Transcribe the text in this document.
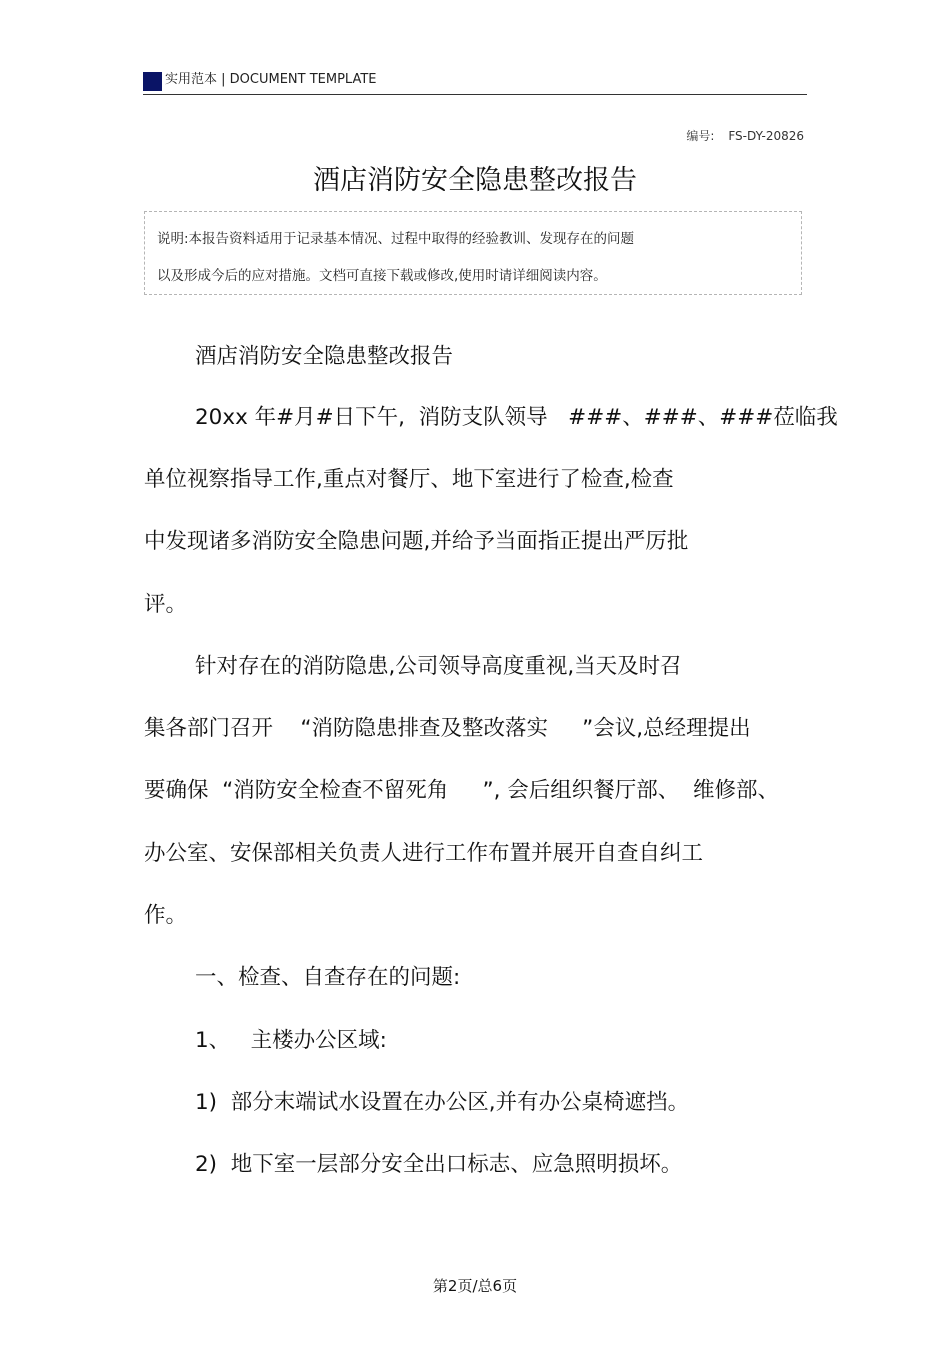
实用范本 | DOCUMENT TEMPLATE
编号: FS-DY-20826
酒店消防安全隐患整改报告

说明:本报告资料适用于记录基本情况、过程中取得的经验教训、发现存在的问题

以及形成今后的应对措施。文档可直接下载或修改,使用时请详细阅读内容。

酒店消防安全隐患整改报告
20xx 年#月#日下午,  消防支队领导   ###、###、###莅临我
单位视察指导工作,重点对餐厅、地下室进行了检查,检查
中发现诸多消防安全隐患问题,并给予当面指正提出严厉批
评。
针对存在的消防隐患,公司领导高度重视,当天及时召
集各部门召开    “消防隐患排查及整改落实     ”会议,总经理提出
要确保  “消防安全检查不留死角     ”, 会后组织餐厅部、  维修部、
办公室、安保部相关负责人进行工作布置并展开自查自纠工
作。
一、检查、自查存在的问题:
1、   主楼办公区域:
1)  部分末端试水设置在办公区,并有办公桌椅遮挡。
2)  地下室一层部分安全出口标志、应急照明损坏。
第2页/总6页
